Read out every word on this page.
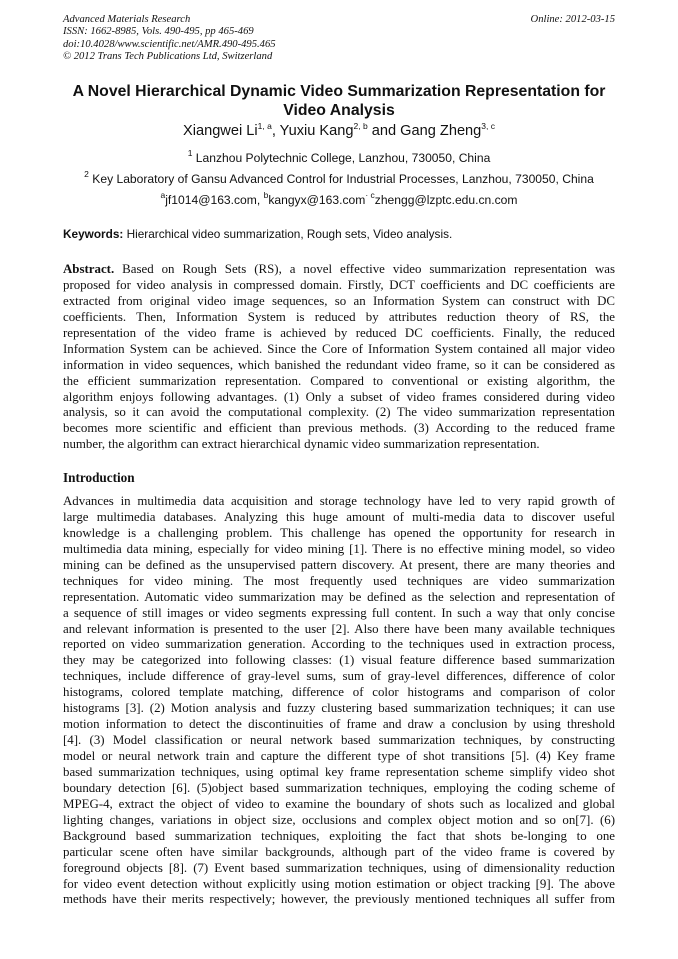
Advanced Materials Research
ISSN: 1662-8985, Vols. 490-495, pp 465-469
doi:10.4028/www.scientific.net/AMR.490-495.465
© 2012 Trans Tech Publications Ltd, Switzerland
Online: 2012-03-15
A Novel Hierarchical Dynamic Video Summarization Representation for Video Analysis
Xiangwei Li$^{1, a}$, Yuxiu Kang$^{2, b}$ and Gang Zheng$^{3, c}$
$^1$ Lanzhou Polytechnic College, Lanzhou, 730050, China
$^2$ Key Laboratory of Gansu Advanced Control for Industrial Processes, Lanzhou, 730050, China
$^a$jf1014@163.com, $^b$kangyx@163.com$^{\cdot c}$zhengg@lzptc.edu.cn.com
Keywords: Hierarchical video summarization, Rough sets, Video analysis.
Abstract. Based on Rough Sets (RS), a novel effective video summarization representation was
proposed for video analysis in compressed domain. Firstly, DCT coefficients and DC coefficients are
extracted from original video image sequences, so an Information System can construct with DC
coefficients. Then, Information System is reduced by attributes reduction theory of RS, the
representation of the video frame is achieved by reduced DC coefficients. Finally, the reduced
Information System can be achieved. Since the Core of Information System contained all major video
information in video sequences, which banished the redundant video frame, so it can be considered as
the efficient summarization representation. Compared to conventional or existing algorithm, the
algorithm enjoys following advantages. (1) Only a subset of video frames considered during video
analysis, so it can avoid the computational complexity. (2) The video summarization representation
becomes more scientific and efficient than previous methods. (3) According to the reduced frame
number, the algorithm can extract hierarchical dynamic video summarization representation.
Introduction
Advances in multimedia data acquisition and storage technology have led to very rapid growth of
large multimedia databases. Analyzing this huge amount of multi-media data to discover useful
knowledge is a challenging problem. This challenge has opened the opportunity for research in
multimedia data mining, especially for video mining [1]. There is no effective mining model, so video
mining can be defined as the unsupervised pattern discovery. At present, there are many theories and
techniques for video mining. The most frequently used techniques are video summarization
representation. Automatic video summarization may be defined as the selection and representation of
a sequence of still images or video segments expressing full content. In such a way that only concise
and relevant information is presented to the user [2]. Also there have been many available techniques
reported on video summarization generation. According to the techniques used in extraction process,
they may be categorized into following classes: (1) visual feature difference based summarization
techniques, include difference of gray-level sums, sum of gray-level differences, difference of color
histograms, colored template matching, difference of color histograms and comparison of color
histograms [3]. (2) Motion analysis and fuzzy clustering based summarization techniques; it can use
motion information to detect the discontinuities of frame and draw a conclusion by using threshold
[4]. (3) Model classification or neural network based summarization techniques, by constructing
model or neural network train and capture the different type of shot transitions [5]. (4) Key frame
based summarization techniques, using optimal key frame representation scheme simplify video shot
boundary detection [6]. (5)object based summarization techniques, employing the coding scheme of
MPEG-4, extract the object of video to examine the boundary of shots such as localized and global
lighting changes, variations in object size, occlusions and complex object motion and so on[7]. (6)
Background based summarization techniques, exploiting the fact that shots be-longing to one
particular scene often have similar backgrounds, although part of the video frame is covered by
foreground objects [8]. (7) Event based summarization techniques, using of dimensionality reduction
for video event detection without explicitly using motion estimation or object tracking [9]. The above
methods have their merits respectively; however, the previously mentioned techniques all suffer from
